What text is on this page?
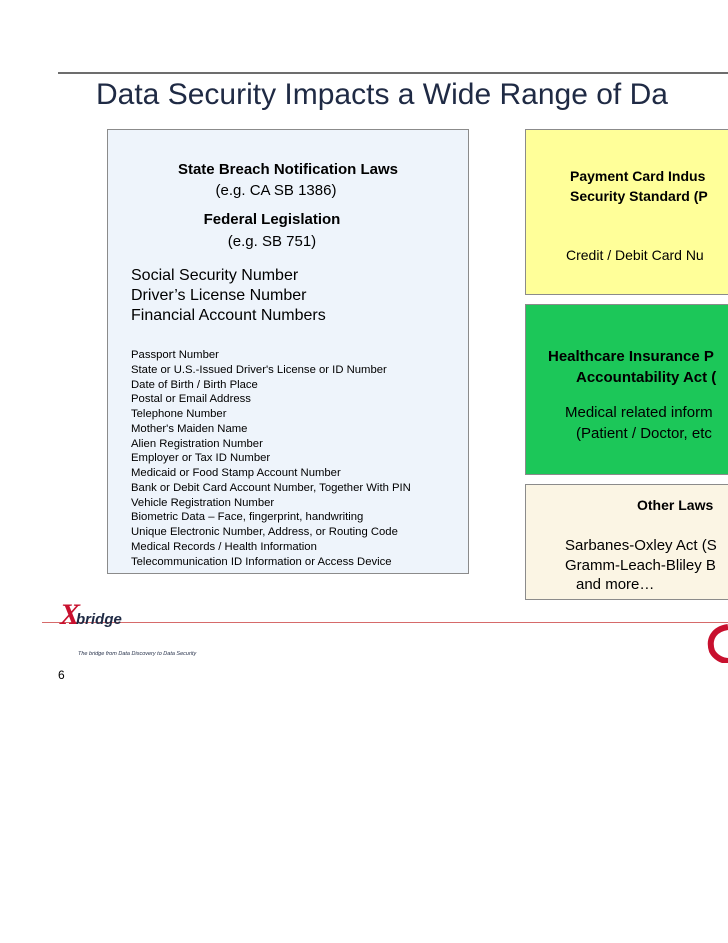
Data Security Impacts a Wide Range of Da
State Breach Notification Laws
(e.g. CA SB 1386)
Federal Legislation
(e.g. SB 751)
Social Security Number
Driver’s License Number
Financial Account Numbers
Passport Number
State or U.S.-Issued Driver's License or ID Number
Date of Birth / Birth Place
Postal or Email Address
Telephone Number
Mother's Maiden Name
Alien Registration Number
Employer or Tax ID Number
Medicaid or Food Stamp Account Number
Bank or Debit Card Account Number, Together With PIN
Vehicle Registration Number
Biometric Data – Face, fingerprint, handwriting
Unique Electronic Number, Address, or Routing Code
Medical Records / Health Information
Telecommunication ID Information or Access Device
Payment Card Indus
Security Standard (P
Credit / Debit Card Nu
Healthcare Insurance P
Accountability Act (
Medical related inform
(Patient / Doctor, etc
Other Laws
Sarbanes-Oxley Act (S
Gramm-Leach-Bliley B
and more…
Xbridge
The bridge from Data Discovery to Data Security
6
